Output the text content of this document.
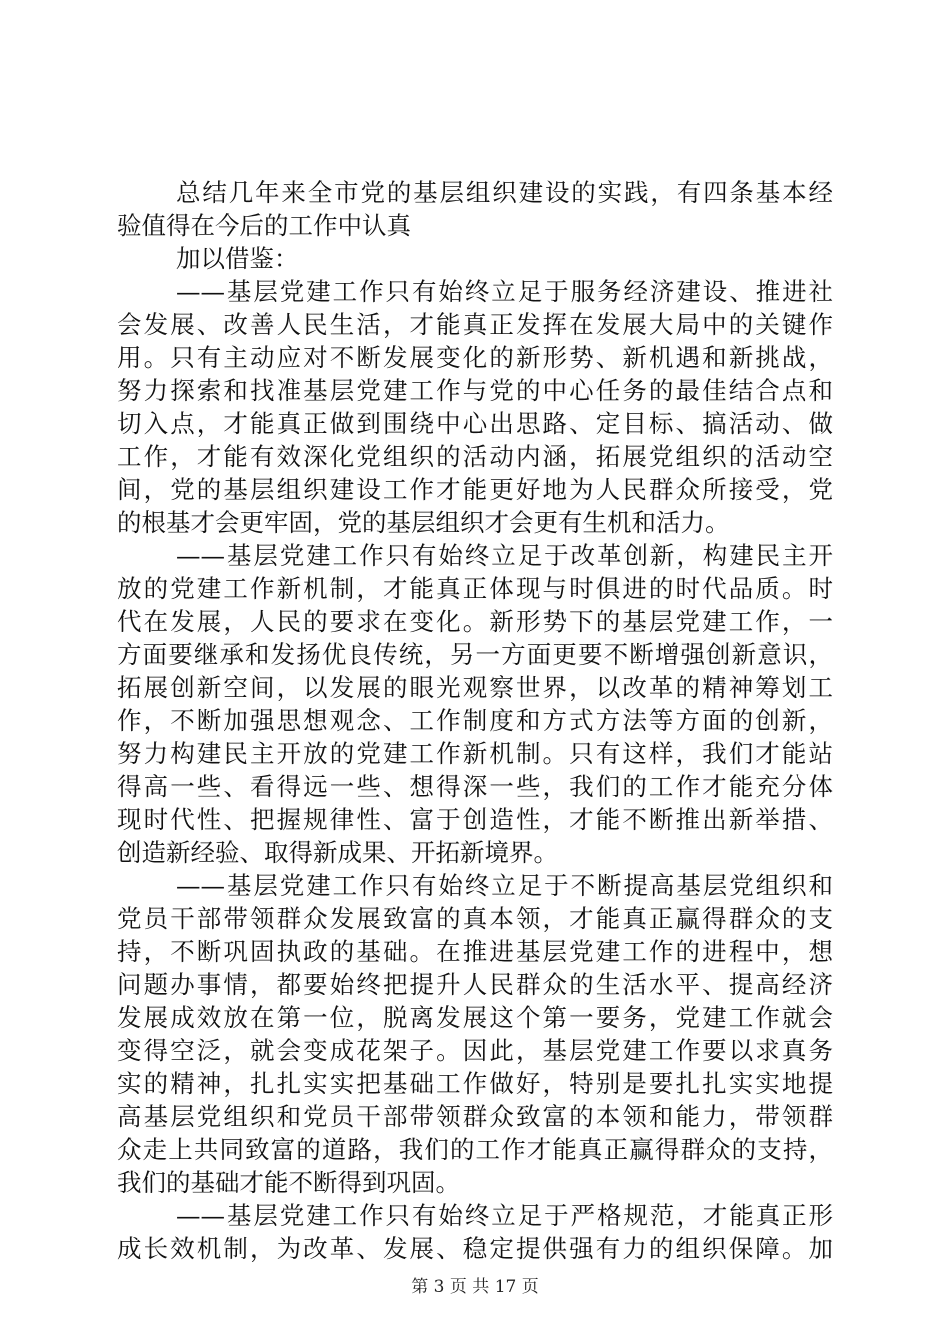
总结几年来全市党的基层组织建设的实践，有四条基本经
验值得在今后的工作中认真
加以借鉴：
——基层党建工作只有始终立足于服务经济建设、推进社
会发展、改善人民生活，才能真正发挥在发展大局中的关键作
用。只有主动应对不断发展变化的新形势、新机遇和新挑战，
努力探索和找准基层党建工作与党的中心任务的最佳结合点和
切入点，才能真正做到围绕中心出思路、定目标、搞活动、做
工作，才能有效深化党组织的活动内涵，拓展党组织的活动空
间，党的基层组织建设工作才能更好地为人民群众所接受，党
的根基才会更牢固，党的基层组织才会更有生机和活力。
——基层党建工作只有始终立足于改革创新，构建民主开
放的党建工作新机制，才能真正体现与时俱进的时代品质。时
代在发展，人民的要求在变化。新形势下的基层党建工作，一
方面要继承和发扬优良传统，另一方面更要不断增强创新意识，
拓展创新空间，以发展的眼光观察世界，以改革的精神筹划工
作，不断加强思想观念、工作制度和方式方法等方面的创新，
努力构建民主开放的党建工作新机制。只有这样，我们才能站
得高一些、看得远一些、想得深一些，我们的工作才能充分体
现时代性、把握规律性、富于创造性，才能不断推出新举措、
创造新经验、取得新成果、开拓新境界。
——基层党建工作只有始终立足于不断提高基层党组织和
党员干部带领群众发展致富的真本领，才能真正赢得群众的支
持，不断巩固执政的基础。在推进基层党建工作的进程中，想
问题办事情，都要始终把提升人民群众的生活水平、提高经济
发展成效放在第一位，脱离发展这个第一要务，党建工作就会
变得空泛，就会变成花架子。因此，基层党建工作要以求真务
实的精神，扎扎实实把基础工作做好，特别是要扎扎实实地提
高基层党组织和党员干部带领群众致富的本领和能力，带领群
众走上共同致富的道路，我们的工作才能真正赢得群众的支持，
我们的基础才能不断得到巩固。
——基层党建工作只有始终立足于严格规范，才能真正形
成长效机制，为改革、发展、稳定提供强有力的组织保障。加
第 3 页 共 17 页
